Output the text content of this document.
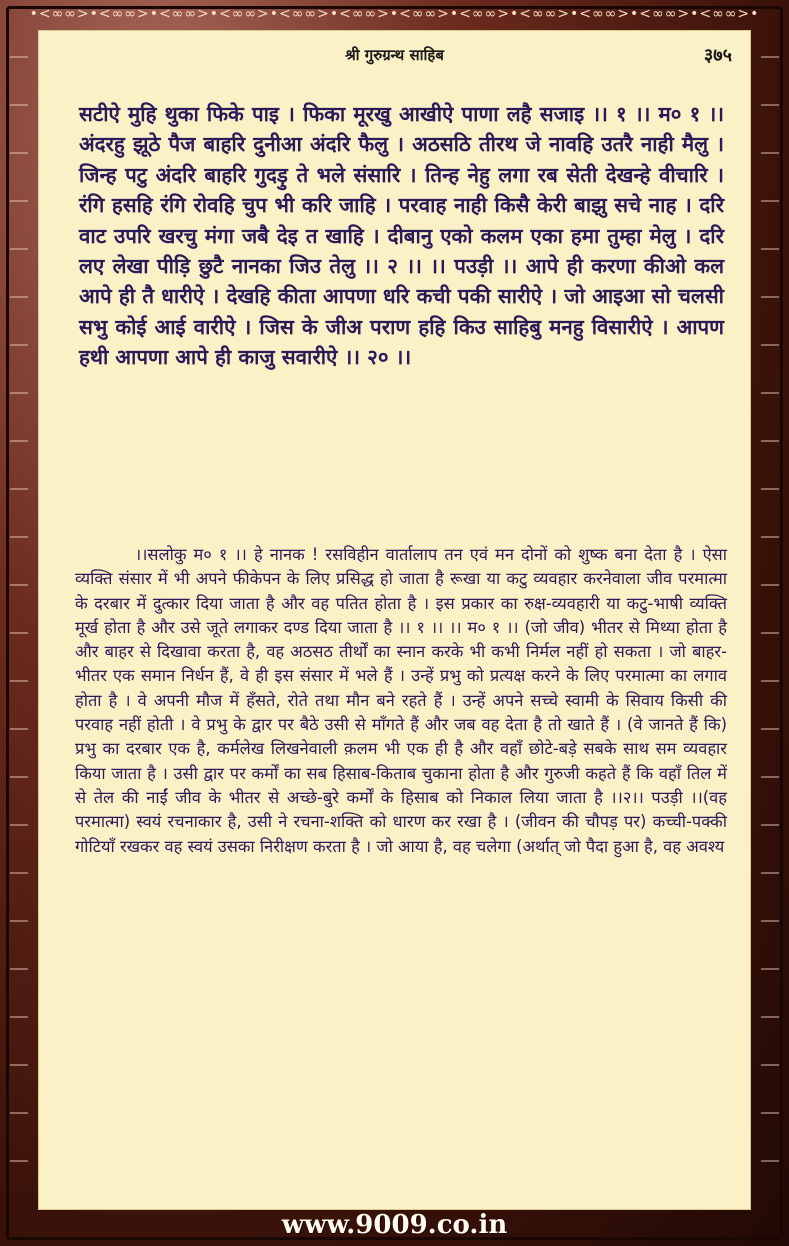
•<∞∞>•<∞∞>•<∞∞>•<∞∞>•<∞∞>•<∞∞>•<∞∞>•<∞∞>•<∞∞>•<∞∞>•<∞∞>•<∞∞>•
श्री गुरुग्रन्थ साहिब	३७५

सटीऐ मुहि थुका फिके पाइ । फिका मूरखु आखीऐ पाणा लहै सजाइ ।। १ ।। म० १ ।। अंदरहु झूठे पैज बाहरि दुनीआ अंदरि फैलु । अठसठि तीरथ जे नावहि उतरै नाही मैलु । जिन्ह पटु अंदरि बाहरि गुदड़ु ते भले संसारि । तिन्ह नेहु लगा रब सेती देखन्हे वीचारि । रंगि हसहि रंगि रोवहि चुप भी करि जाहि । परवाह नाही किसै केरी बाझु सचे नाह । दरि वाट उपरि खरचु मंगा जबै देइ त खाहि । दीबानु एको कलम एका हमा तुम्हा मेलु । दरि लए लेखा पीड़ि छुटै नानका जिउ तेलु ।। २ ।। ।। पउड़ी ।। आपे ही करणा कीओ कल आपे ही तै धारीऐ । देखहि कीता आपणा धरि कची पकी सारीऐ । जो आइआ सो चलसी सभु कोई आई वारीऐ । जिस के जीअ पराण हहि किउ साहिबु मनहु विसारीऐ । आपण हथी आपणा आपे ही काजु सवारीऐ ।। २० ।।

।।सलोकु म० १ ।। हे नानक ! रसविहीन वार्तालाप तन एवं मन दोनों को शुष्क बना देता है । ऐसा व्यक्ति संसार में भी अपने फीकेपन के लिए प्रसिद्ध हो जाता है रूखा या कटु व्यवहार करनेवाला जीव परमात्मा के दरबार में दुत्कार दिया जाता है और वह पतित होता है । इस प्रकार का रुक्ष-व्यवहारी या कटु-भाषी व्यक्ति मूर्ख होता है और उसे जूते लगाकर दण्ड दिया जाता है ।। १ ।। ।। म० १ ।। (जो जीव) भीतर से मिथ्या होता है और बाहर से दिखावा करता है, वह अठसठ तीर्थों का स्नान करके भी कभी निर्मल नहीं हो सकता । जो बाहर-भीतर एक समान निर्धन हैं, वे ही इस संसार में भले हैं । उन्हें प्रभु को प्रत्यक्ष करने के लिए परमात्मा का लगाव होता है । वे अपनी मौज में हँसते, रोते तथा मौन बने रहते हैं । उन्हें अपने सच्चे स्वामी के सिवाय किसी की परवाह नहीं होती । वे प्रभु के द्वार पर बैठे उसी से माँगते हैं और जब वह देता है तो खाते हैं । (वे जानते हैं कि) प्रभु का दरबार एक है, कर्मलेख लिखनेवाली क़लम भी एक ही है और वहाँ छोटे-बड़े सबके साथ सम व्यवहार किया जाता है । उसी द्वार पर कर्मों का सब हिसाब-किताब चुकाना होता है और गुरुजी कहते हैं कि वहाँ तिल में से तेल की नाईं जीव के भीतर से अच्छे-बुरे कर्मों के हिसाब को निकाल लिया जाता है ।।२।। पउड़ी ।।(वह परमात्मा) स्वयं रचनाकार है, उसी ने रचना-शक्ति को धारण कर रखा है । (जीवन की चौपड़ पर) कच्ची-पक्की गोटियाँ रखकर वह स्वयं उसका निरीक्षण करता है । जो आया है, वह चलेगा (अर्थात् जो पैदा हुआ है, वह अवश्य

www.9009.co.in
